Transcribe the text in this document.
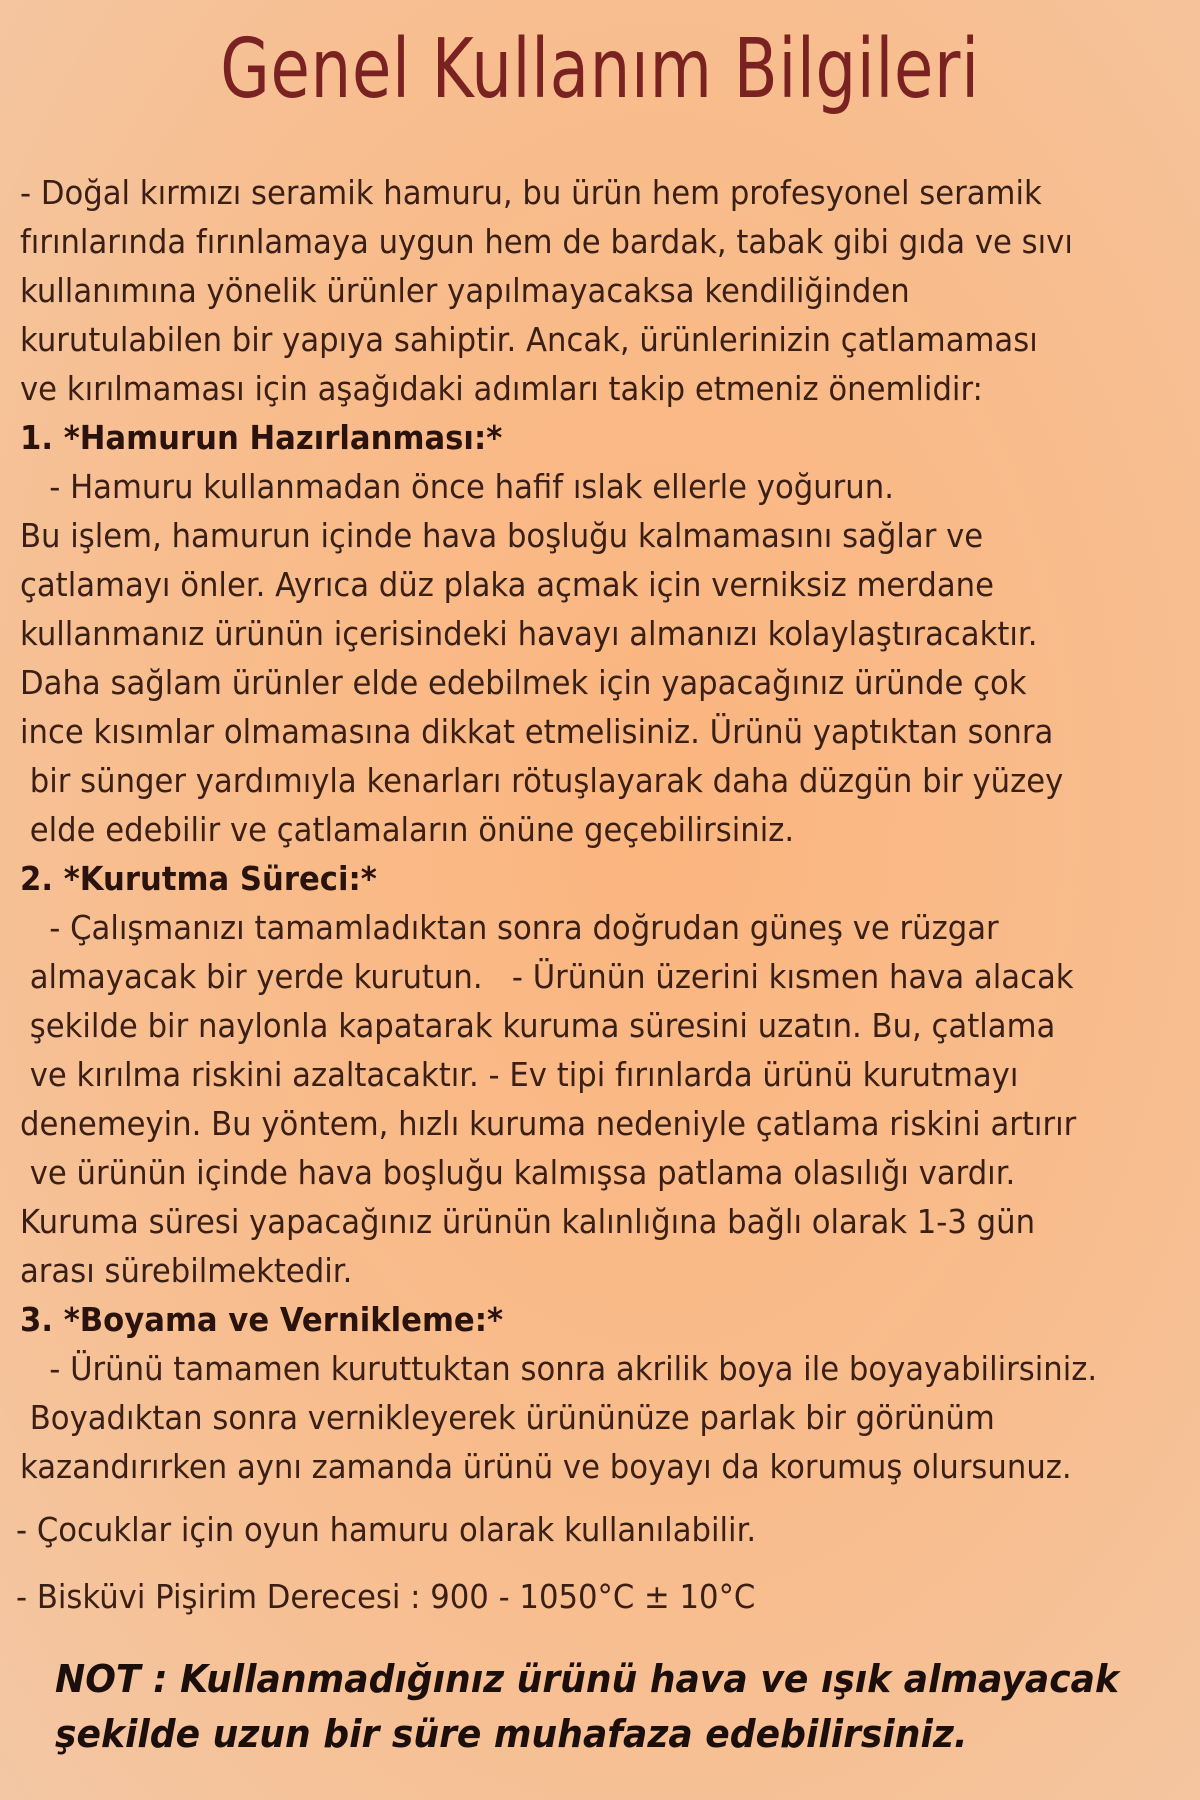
Genel Kullanım Bilgileri
- Doğal kırmızı seramik hamuru, bu ürün hem profesyonel seramik
fırınlarında fırınlamaya uygun hem de bardak, tabak gibi gıda ve sıvı
kullanımına yönelik ürünler yapılmayacaksa kendiliğinden
kurutulabilen bir yapıya sahiptir. Ancak, ürünlerinizin çatlamaması
ve kırılmaması için aşağıdaki adımları takip etmeniz önemlidir:
1. *Hamurun Hazırlanması:*
- Hamuru kullanmadan önce hafif ıslak ellerle yoğurun.
Bu işlem, hamurun içinde hava boşluğu kalmamasını sağlar ve
çatlamayı önler. Ayrıca düz plaka açmak için verniksiz merdane
kullanmanız ürünün içerisindeki havayı almanızı kolaylaştıracaktır.
Daha sağlam ürünler elde edebilmek için yapacağınız üründe çok
ince kısımlar olmamasına dikkat etmelisiniz. Ürünü yaptıktan sonra
bir sünger yardımıyla kenarları rötuşlayarak daha düzgün bir yüzey
elde edebilir ve çatlamaların önüne geçebilirsiniz.
2. *Kurutma Süreci:*
- Çalışmanızı tamamladıktan sonra doğrudan güneş ve rüzgar
almayacak bir yerde kurutun.   - Ürünün üzerini kısmen hava alacak
şekilde bir naylonla kapatarak kuruma süresini uzatın. Bu, çatlama
ve kırılma riskini azaltacaktır. - Ev tipi fırınlarda ürünü kurutmayı
denemeyin. Bu yöntem, hızlı kuruma nedeniyle çatlama riskini artırır
ve ürünün içinde hava boşluğu kalmışsa patlama olasılığı vardır.
Kuruma süresi yapacağınız ürünün kalınlığına bağlı olarak 1-3 gün
arası sürebilmektedir.
3. *Boyama ve Vernikleme:*
- Ürünü tamamen kuruttuktan sonra akrilik boya ile boyayabilirsiniz.
Boyadıktan sonra vernikleyerek ürününüze parlak bir görünüm
kazandırırken aynı zamanda ürünü ve boyayı da korumuş olursunuz.
- Çocuklar için oyun hamuru olarak kullanılabilir.
- Bisküvi Pişirim Derecesi : 900 - 1050°C ± 10°C
NOT : Kullanmadığınız ürünü hava ve ışık almayacak
şekilde uzun bir süre muhafaza edebilirsiniz.
